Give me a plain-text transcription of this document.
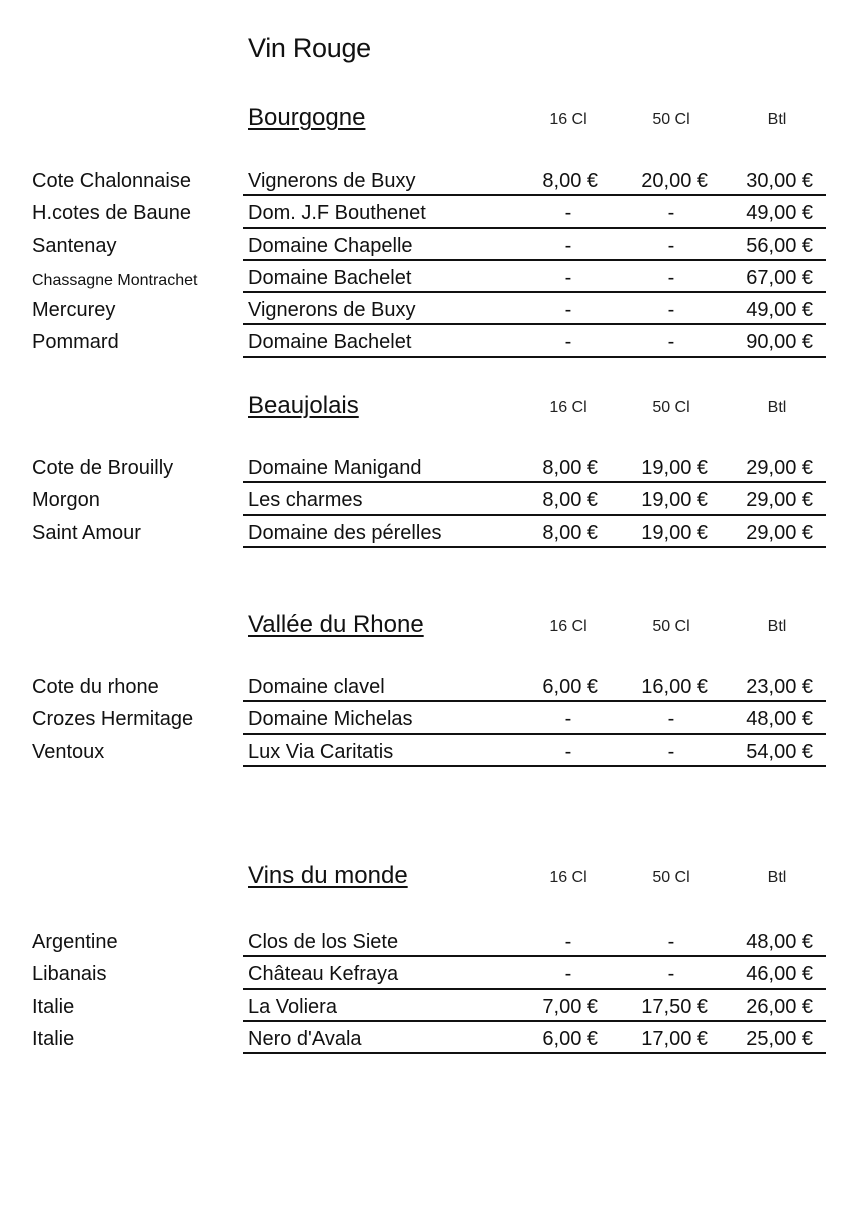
Vin Rouge
Bourgogne	16 Cl	50 Cl	Btl
Cote Chalonnaise	Vignerons de Buxy	8,00 €	20,00 €	30,00 €
H.cotes de Baune	Dom. J.F Bouthenet	-	-	49,00 €
Santenay	Domaine Chapelle	-	-	56,00 €
Chassagne Montrachet	Domaine Bachelet	-	-	67,00 €
Mercurey	Vignerons de Buxy	-	-	49,00 €
Pommard	Domaine Bachelet	-	-	90,00 €
Beaujolais	16 Cl	50 Cl	Btl
Cote de Brouilly	Domaine Manigand	8,00 €	19,00 €	29,00 €
Morgon	Les charmes	8,00 €	19,00 €	29,00 €
Saint Amour	Domaine des pérelles	8,00 €	19,00 €	29,00 €
Vallée du Rhone	16 Cl	50 Cl	Btl
Cote du rhone	Domaine clavel	6,00 €	16,00 €	23,00 €
Crozes Hermitage	Domaine Michelas	-	-	48,00 €
Ventoux	Lux Via Caritatis	-	-	54,00 €
Vins du monde	16 Cl	50 Cl	Btl
Argentine	Clos de los Siete	-	-	48,00 €
Libanais	Château Kefraya	-	-	46,00 €
Italie	La Voliera	7,00 €	17,50 €	26,00 €
Italie	Nero d'Avala	6,00 €	17,00 €	25,00 €
